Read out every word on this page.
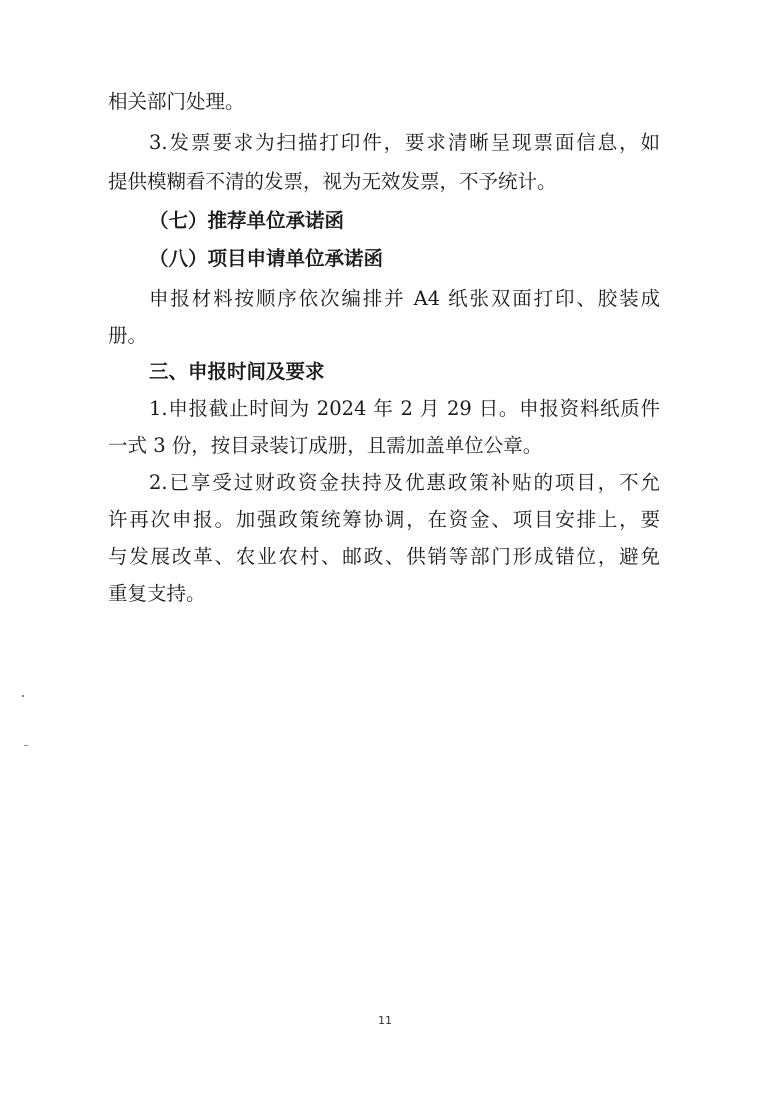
相关部门处理。
3.发票要求为扫描打印件，要求清晰呈现票面信息，如
提供模糊看不清的发票，视为无效发票，不予统计。
（七）推荐单位承诺函
（八）项目申请单位承诺函
申报材料按顺序依次编排并 A4 纸张双面打印、胶装成
册。
三、申报时间及要求
1.申报截止时间为 2024 年 2 月 29 日。申报资料纸质件
一式 3 份，按目录装订成册，且需加盖单位公章。
2.已享受过财政资金扶持及优惠政策补贴的项目，不允
许再次申报。加强政策统筹协调，在资金、项目安排上，要
与发展改革、农业农村、邮政、供销等部门形成错位，避免
重复支持。
11
